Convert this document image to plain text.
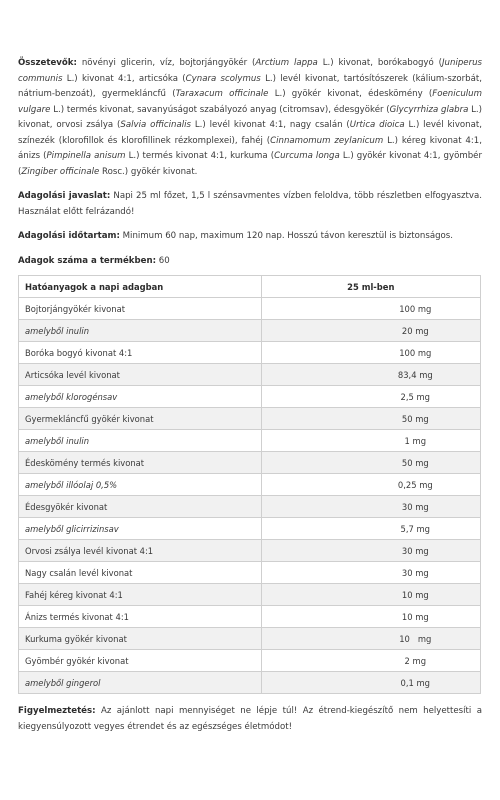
Összetevők: növényi glicerin, víz, bojtorjángyökér (Arctium lappa L.) kivonat, borókabogyó (Juniperus communis L.) kivonat 4:1, articsóka (Cynara scolymus L.) levél kivonat, tartósítószerek (kálium-szorbát, nátrium-benzoát), gyermekláncfű (Taraxacum officinale L.) gyökér kivonat, édeskömény (Foeniculum vulgare L.) termés kivonat, savanyúságot szabályozó anyag (citromsav), édesgyökér (Glycyrrhiza glabra L.) kivonat, orvosi zsálya (Salvia officinalis L.) levél kivonat 4:1, nagy csalán (Urtica dioica L.) levél kivonat, színezék (klorofillok és klorofillinek rézkomplexei), fahéj (Cinnamomum zeylanicum L.) kéreg kivonat 4:1, ánizs (Pimpinella anisum L.) termés kivonat 4:1, kurkuma (Curcuma longa L.) gyökér kivonat 4:1, gyömbér (Zingiber officinale Rosc.) gyökér kivonat.

Adagolási javaslat: Napi 25 ml főzet, 1,5 l szénsavmentes vízben feloldva, több részletben elfogyasztva. Használat előtt felrázandó!

Adagolási időtartam: Minimum 60 nap, maximum 120 nap. Hosszú távon keresztül is biztonságos.

Adagok száma a termékben: 60

Hatóanyagok a napi adagban	25 ml-ben
Bojtorjángyökér kivonat	100 mg
amelyből inulin	20 mg
Boróka bogyó kivonat 4:1	100 mg
Articsóka levél kivonat	83,4 mg
amelyből klorogénsav	2,5 mg
Gyermekláncfű gyökér kivonat	50 mg
amelyből inulin	1 mg
Édeskömény termés kivonat	50 mg
amelyből illóolaj 0,5%	0,25 mg
Édesgyökér kivonat	30 mg
amelyből glicirrizinsav	5,7 mg
Orvosi zsálya levél kivonat 4:1	30 mg
Nagy csalán levél kivonat	30 mg
Fahéj kéreg kivonat 4:1	10 mg
Ánizs termés kivonat 4:1	10 mg
Kurkuma gyökér kivonat	10   mg
Gyömbér gyökér kivonat	2 mg
amelyből gingerol	0,1 mg

Figyelmeztetés: Az ajánlott napi mennyiséget ne lépje túl! Az étrend-kiegészítő nem helyettesíti a kiegyensúlyozott vegyes étrendet és az egészséges életmódot!
